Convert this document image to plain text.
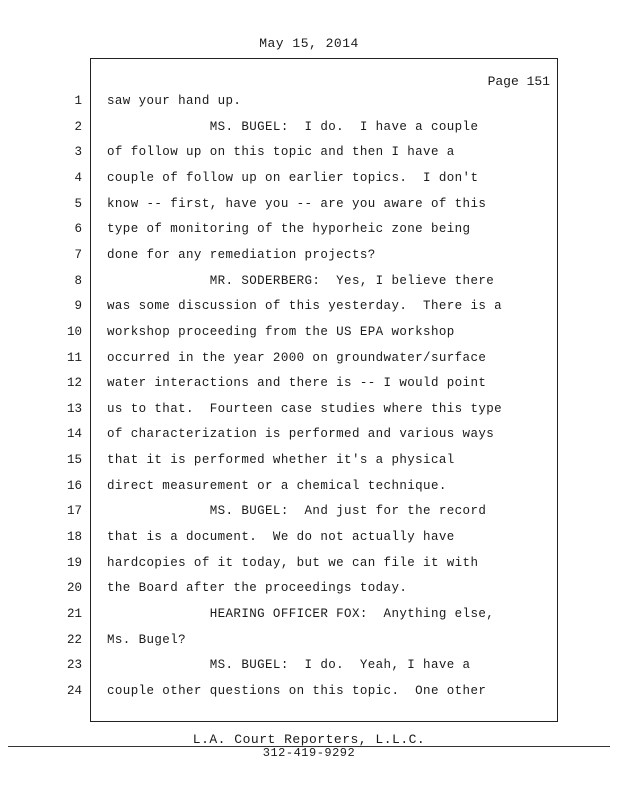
May 15, 2014
Page 151
1 saw your hand up.
2 MS. BUGEL:  I do.  I have a couple
3 of follow up on this topic and then I have a
4 couple of follow up on earlier topics.  I don't
5 know -- first, have you -- are you aware of this
6 type of monitoring of the hyporheic zone being
7 done for any remediation projects?
8 MR. SODERBERG:  Yes, I believe there
9 was some discussion of this yesterday.  There is a
10 workshop proceeding from the US EPA workshop
11 occurred in the year 2000 on groundwater/surface
12 water interactions and there is -- I would point
13 us to that.  Fourteen case studies where this type
14 of characterization is performed and various ways
15 that it is performed whether it's a physical
16 direct measurement or a chemical technique.
17 MS. BUGEL:  And just for the record
18 that is a document.  We do not actually have
19 hardcopies of it today, but we can file it with
20 the Board after the proceedings today.
21 HEARING OFFICER FOX:  Anything else,
22 Ms. Bugel?
23 MS. BUGEL:  I do.  Yeah, I have a
24 couple other questions on this topic.  One other
L.A. Court Reporters, L.L.C.
312-419-9292
